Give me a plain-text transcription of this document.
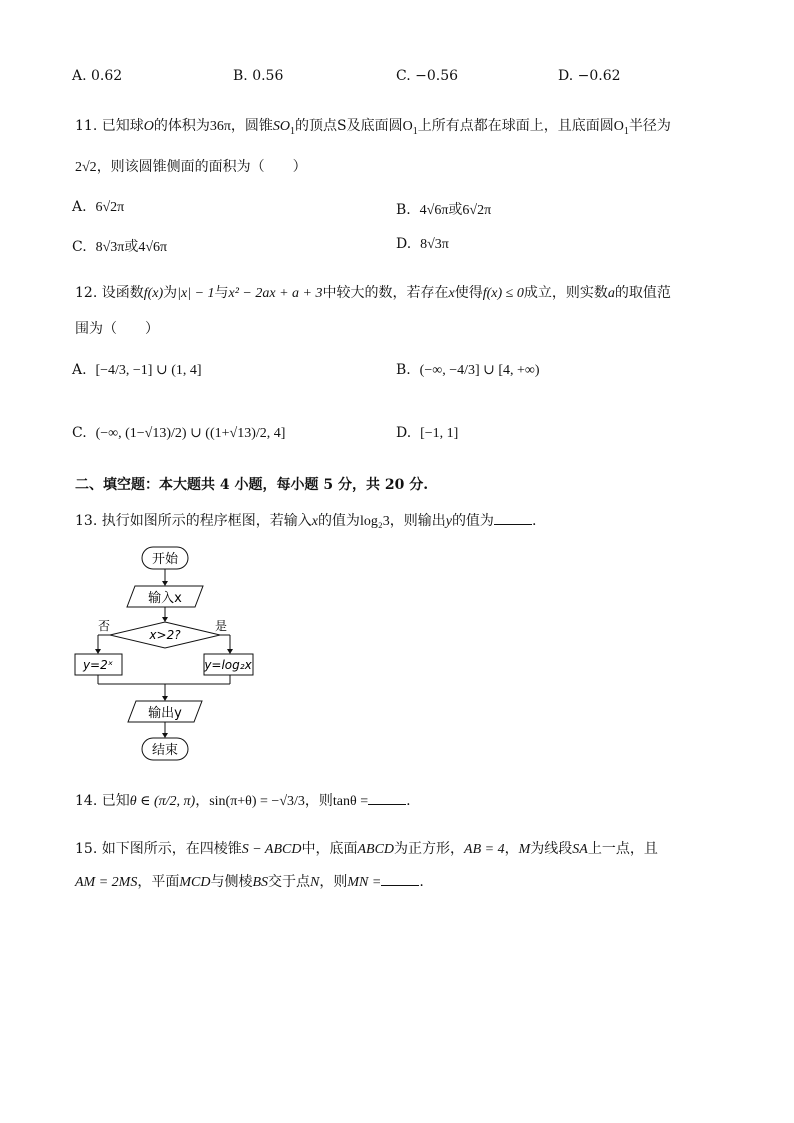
A. 0.62	B. 0.56	C. −0.56	D. −0.62
11. 已知球O的体积为36π，圆锥$SO_1$的顶点S及底面圆$O_1$上所有点都在球面上，且底面圆$O_1$半径为
2√2，则该圆锥侧面的面积为（　　）
A. 6√2π	B. 4√6π或6√2π
C. 8√3π或4√6π	D. 8√3π
12. 设函数f(x)为|x| − 1与x² − 2ax + a + 3中较大的数，若存在x使得f(x) ≤ 0成立，则实数a的取值范
围为（　　）
A. [−4/3, −1] ∪ (1, 4]	B. (−∞, −4/3] ∪ [4, +∞)
C. (−∞, (1−√13)/2) ∪ ((1+√13)/2, 4]	D. [−1, 1]
二、填空题：本大题共 4 小题，每小题 5 分，共 20 分.
13. 执行如图所示的程序框图，若输入x的值为log₂3，则输出y的值为	.
开始
输入x
x>2?
否	是
y=2ˣ	y=log₂x
输出y
结束
14. 已知θ ∈ (π/2, π)，sin(π+θ) = −√3/3，则tanθ =	.
15. 如下图所示，在四棱锥S − ABCD中，底面ABCD为正方形，AB = 4，M为线段SA上一点，且
AM = 2MS，平面MCD与侧棱BS交于点N，则MN =	.
